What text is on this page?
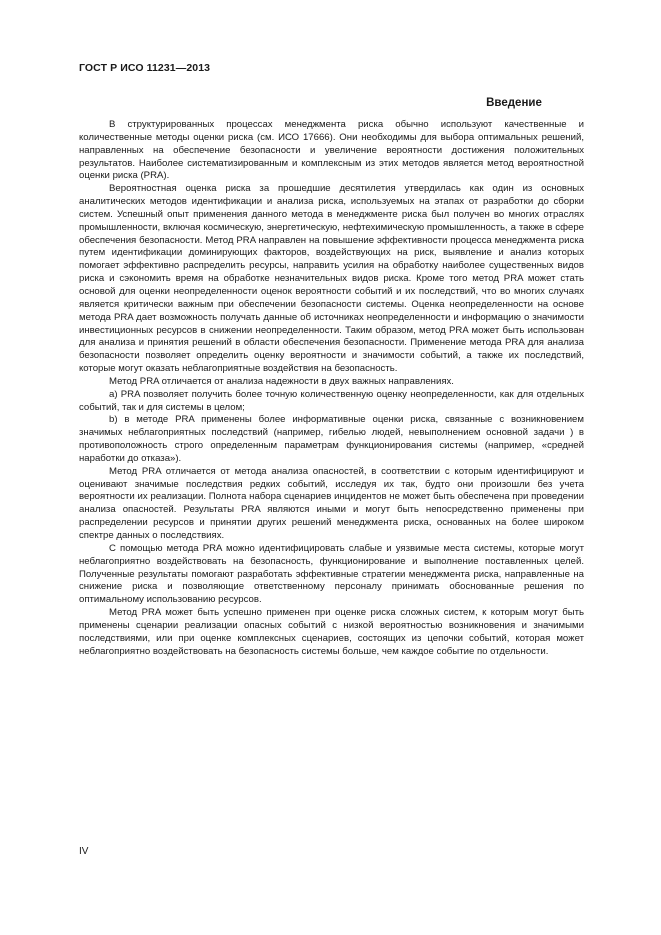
ГОСТ Р ИСО 11231—2013
Введение

В структурированных процессах менеджмента риска обычно используют качественные и количественные методы оценки риска (см. ИСО 17666). Они необходимы для выбора оптимальных решений, направленных на обеспечение безопасности и увеличение вероятности достижения положительных результатов. Наиболее систематизированным и комплексным из этих методов является метод вероятностной оценки риска (PRA).

Вероятностная оценка риска за прошедшие десятилетия утвердилась как один из основных аналитических методов идентификации и анализа риска, используемых на этапах от разработки до сборки систем. Успешный опыт применения данного метода в менеджменте риска был получен во многих отраслях промышленности, включая космическую, энергетическую, нефтехимическую промышленность, а также в сфере обеспечения безопасности. Метод PRA направлен на повышение эффективности процесса менеджмента риска путем идентификации доминирующих факторов, воздействующих на риск, выявление и анализ которых помогает эффективно распределить ресурсы, направить усилия на обработку наиболее существенных видов риска и сэкономить время на обработке незначительных видов риска. Кроме того метод PRA может стать основой для оценки неопределенности оценок вероятности событий и их последствий, что во многих случаях является критически важным при обеспечении безопасности системы. Оценка неопределенности на основе метода PRA дает возможность получать данные об источниках неопределенности и информацию о значимости инвестиционных ресурсов в снижении неопределенности. Таким образом, метод PRA может быть использован для анализа и принятия решений в области обеспечения безопасности. Применение метода PRA для анализа безопасности позволяет определить оценку вероятности и значимости событий, а также их последствий, которые могут оказать неблагоприятные воздействия на безопасность.

Метод PRA отличается от анализа надежности в двух важных направлениях.

а) PRA позволяет получить более точную количественную оценку неопределенности, как для отдельных событий, так и для системы в целом;

b) в методе PRA применены более информативные оценки риска, связанные с возникновением значимых неблагоприятных последствий (например, гибелью людей, невыполнением основной задачи ) в противоположность строго определенным параметрам функционирования системы (например, «средней наработки до отказа»).

Метод PRA отличается от метода анализа опасностей, в соответствии с которым идентифицируют и оценивают значимые последствия редких событий, исследуя их так, будто они произошли без учета вероятности их реализации. Полнота набора сценариев инцидентов не может быть обеспечена при проведении анализа опасностей. Результаты PRA являются иными и могут быть непосредственно применены при распределении ресурсов и принятии других решений менеджмента риска, основанных на более широком спектре данных о последствиях.

С помощью метода PRA можно идентифицировать слабые и уязвимые места системы, которые могут неблагоприятно воздействовать на безопасность, функционирование и выполнение поставленных целей. Полученные результаты помогают разработать эффективные стратегии менеджмента риска, направленные на снижение риска и позволяющие ответственному персоналу принимать обоснованные решения по оптимальному использованию ресурсов.

Метод PRA может быть успешно применен при оценке риска сложных систем, к которым могут быть применены сценарии реализации опасных событий с низкой вероятностью возникновения и значимыми последствиями, или при оценке комплексных сценариев, состоящих из цепочки событий, которая может неблагоприятно воздействовать на безопасность системы больше, чем каждое событие по отдельности.

IV
